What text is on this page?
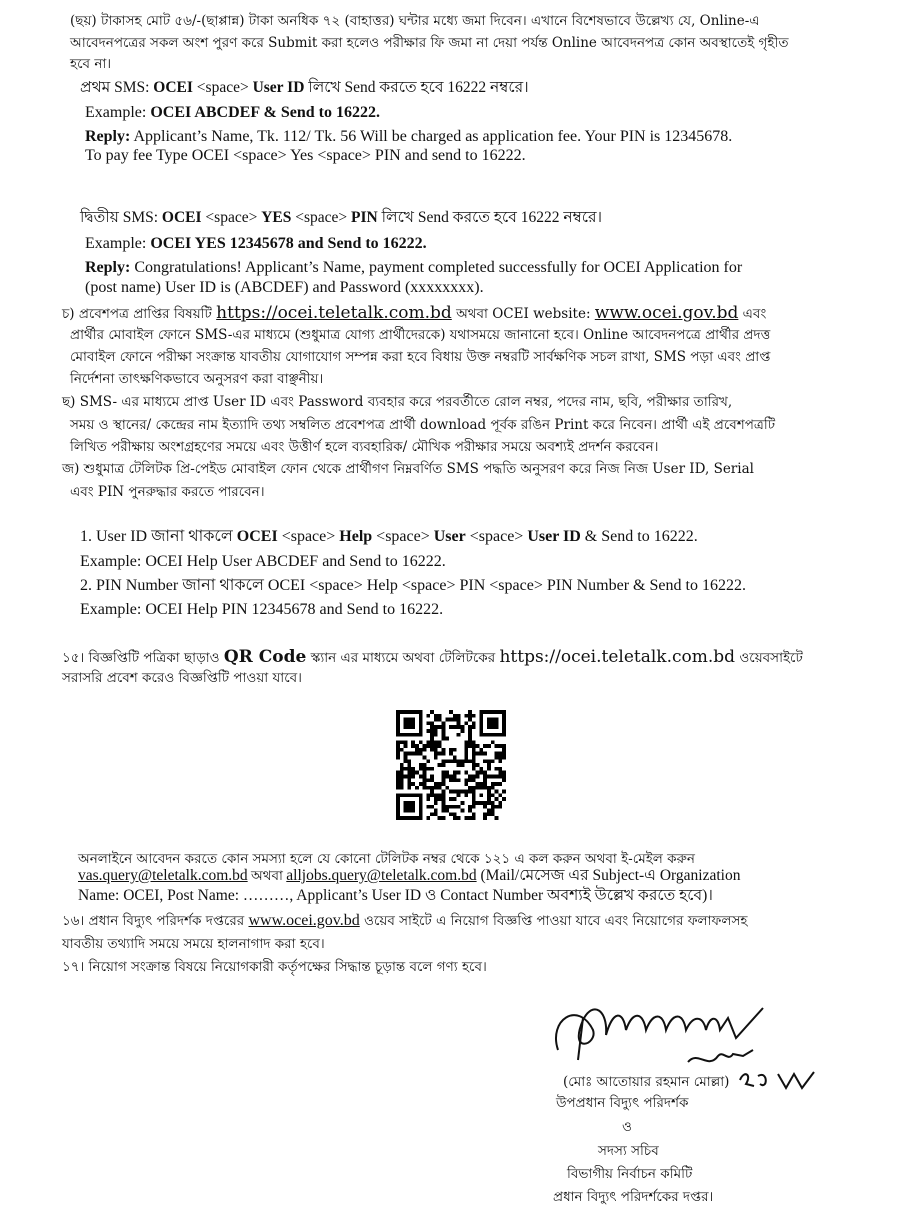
(ছয়) টাকাসহ মোট ৫৬/-(ছাপ্পান্ন) টাকা অনধিক ৭২ (বাহাত্তর) ঘন্টার মধ্যে জমা দিবেন। এখানে বিশেষভাবে উল্লেখ্য যে, Online-এ
আবেদনপত্রের সকল অংশ পুরণ করে Submit করা হলেও পরীক্ষার ফি জমা না দেয়া পর্যন্ত Online আবেদনপত্র কোন অবস্থাতেই গৃহীত
হবে না।
প্রথম SMS: OCEI <space> User ID লিখে Send করতে হবে 16222 নম্বরে।
Example: OCEI ABCDEF & Send to 16222.
Reply: Applicant’s Name, Tk. 112/ Tk. 56 Will be charged as application fee. Your PIN is 12345678.
To pay fee Type OCEI <space> Yes <space> PIN and send to 16222.
দ্বিতীয় SMS: OCEI <space> YES <space> PIN লিখে Send করতে হবে 16222 নম্বরে।
Example: OCEI YES 12345678 and Send to 16222.
Reply: Congratulations! Applicant’s Name, payment completed successfully for OCEI Application for
(post name) User ID is (ABCDEF) and Password (xxxxxxxx).
চ) প্রবেশপত্র প্রাপ্তির বিষয়টি https://ocei.teletalk.com.bd অথবা OCEI website: www.ocei.gov.bd এবং
প্রার্থীর মোবাইল ফোনে SMS-এর মাধ্যমে (শুধুমাত্র যোগ্য প্রার্থীদেরকে) যথাসময়ে জানানো হবে। Online আবেদনপত্রে প্রার্থীর প্রদত্ত
মোবাইল ফোনে পরীক্ষা সংক্রান্ত যাবতীয় যোগাযোগ সম্পন্ন করা হবে বিধায় উক্ত নম্বরটি সার্বক্ষণিক সচল রাখা, SMS পড়া এবং প্রাপ্ত
নির্দেশনা তাৎক্ষণিকভাবে অনুসরণ করা বাঞ্ছনীয়।
ছ) SMS- এর মাধ্যমে প্রাপ্ত User ID এবং Password ব্যবহার করে পরবর্তীতে রোল নম্বর, পদের নাম, ছবি, পরীক্ষার তারিখ,
সময় ও স্থানের/ কেন্দ্রের নাম ইত্যাদি তথ্য সম্বলিত প্রবেশপত্র প্রার্থী download পূর্বক রঙিন Print করে নিবেন। প্রার্থী এই প্রবেশপত্রটি
লিখিত পরীক্ষায় অংশগ্রহণের সময়ে এবং উত্তীর্ণ হলে ব্যবহারিক/ মৌখিক পরীক্ষার সময়ে অবশ্যই প্রদর্শন করবেন।
জ) শুধুমাত্র টেলিটক প্রি-পেইড মোবাইল ফোন থেকে প্রার্থীগণ নিম্নবর্ণিত SMS পদ্ধতি অনুসরণ করে নিজ নিজ User ID, Serial
এবং PIN পুনরুদ্ধার করতে পারবেন।
1. User ID জানা থাকলে OCEI <space> Help <space> User <space> User ID & Send to 16222.
Example: OCEI Help User ABCDEF and Send to 16222.
2. PIN Number জানা থাকলে OCEI <space> Help <space> PIN <space> PIN Number & Send to 16222.
Example: OCEI Help PIN 12345678 and Send to 16222.
১৫। বিজ্ঞপ্তিটি পত্রিকা ছাড়াও QR Code স্ক্যান এর মাধ্যমে অথবা টেলিটকের https://ocei.teletalk.com.bd ওয়েবসাইটে
সরাসরি প্রবেশ করেও বিজ্ঞপ্তিটি পাওয়া যাবে।
অনলাইনে আবেদন করতে কোন সমস্যা হলে যে কোনো টেলিটক নম্বর থেকে ১২১ এ কল করুন অথবা ই-মেইল করুন
vas.query@teletalk.com.bd অথবা alljobs.query@teletalk.com.bd (Mail/মেসেজ এর Subject-এ Organization
Name: OCEI, Post Name: ………, Applicant’s User ID ও Contact Number অবশ্যই উল্লেখ করতে হবে)।
১৬। প্রধান বিদ্যুৎ পরিদর্শক দপ্তরের www.ocei.gov.bd ওয়েব সাইটে এ নিয়োগ বিজ্ঞপ্তি পাওয়া যাবে এবং নিয়োগের ফলাফলসহ
যাবতীয় তথ্যাদি সময়ে সময়ে হালনাগাদ করা হবে।
১৭। নিয়োগ সংক্রান্ত বিষয়ে নিয়োগকারী কর্তৃপক্ষের সিদ্ধান্ত চূড়ান্ত বলে গণ্য হবে।
(মোঃ আতোয়ার রহমান মোল্লা)
উপপ্রধান বিদ্যুৎ পরিদর্শক
ও
সদস্য সচিব
বিভাগীয় নির্বাচন কমিটি
প্রধান বিদ্যুৎ পরিদর্শকের দপ্তর।
